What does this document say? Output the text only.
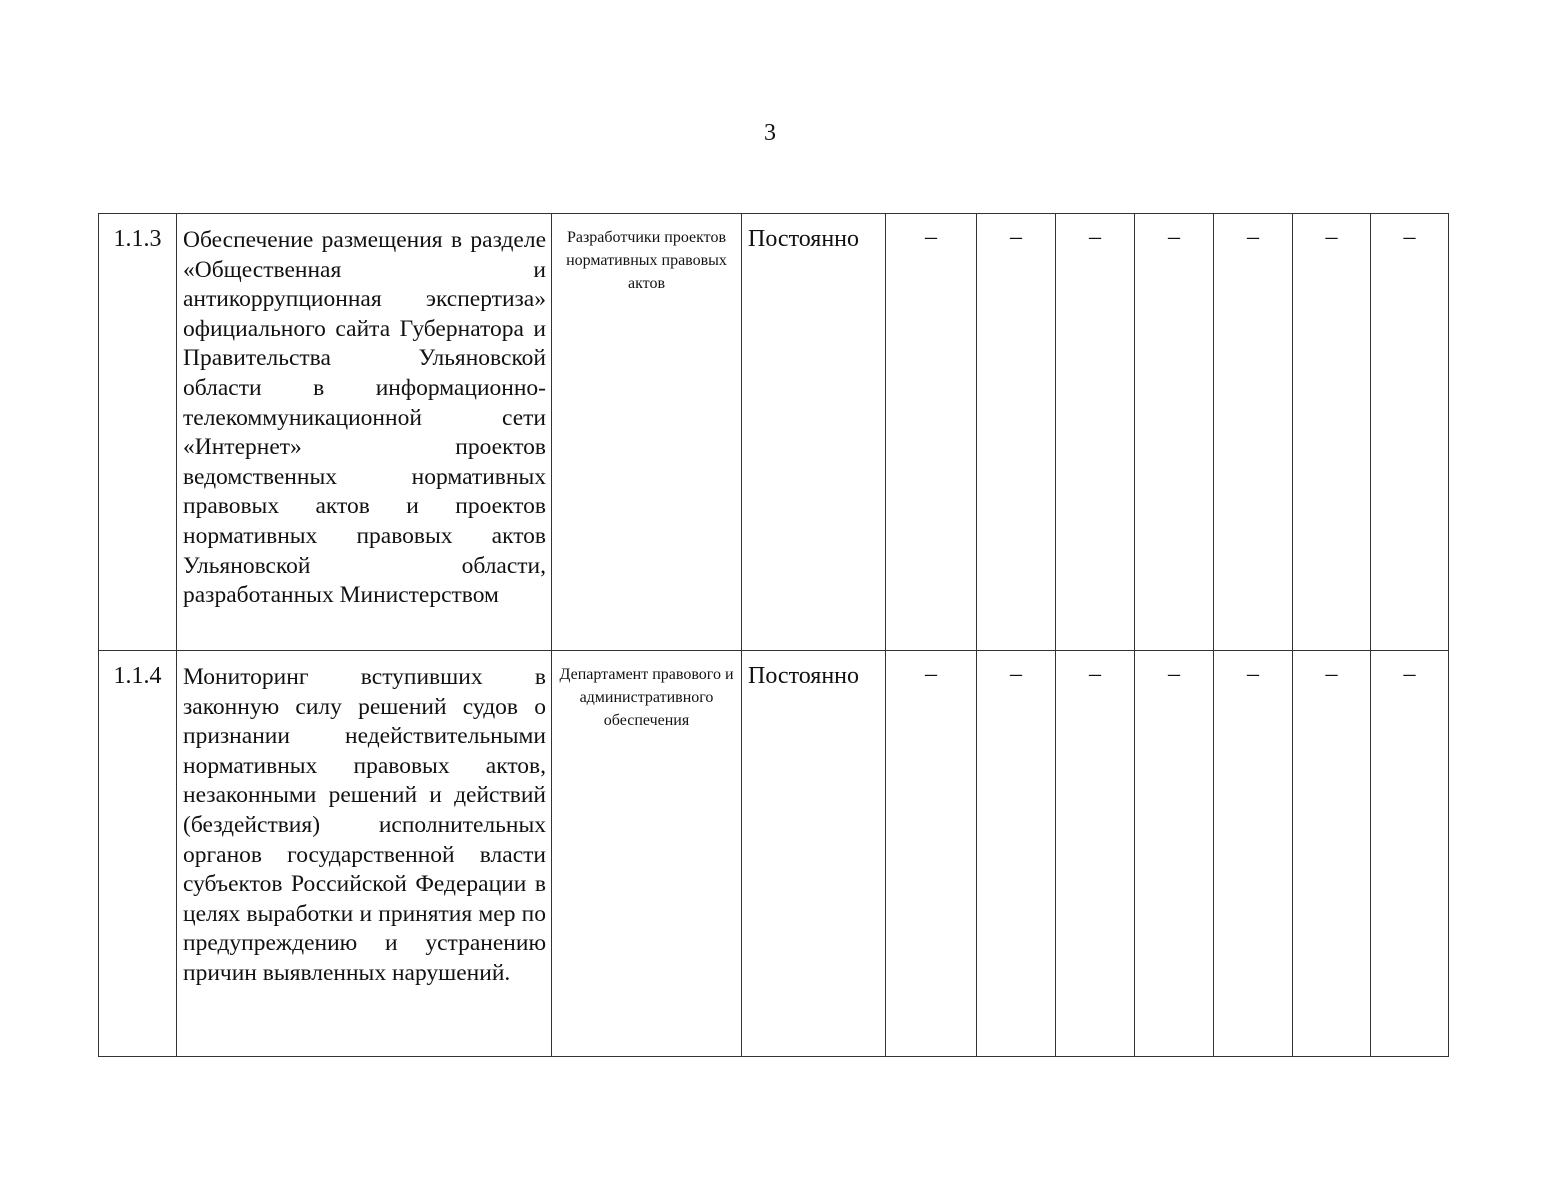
3
1.1.3	Обеспечение размещения в разделе «Общественная и антикоррупционная экспертиза» официального сайта Губернатора и Правительства Ульяновской области в информационно-телекоммуникационной сети «Интернет» проектов ведомственных нормативных правовых актов и проектов нормативных правовых актов Ульяновской области, разработанных Министерством	Разработчики проектов нормативных правовых актов	Постоянно	–	–	–	–	–	–	–
1.1.4	Мониторинг вступивших в законную силу решений судов о признании недействительными нормативных правовых актов, незаконными решений и действий (бездействия) исполнительных органов государственной власти субъектов Российской Федерации в целях выработки и принятия мер по предупреждению и устранению причин выявленных нарушений.	Департамент правового и административного обеспечения	Постоянно	–	–	–	–	–	–	–
